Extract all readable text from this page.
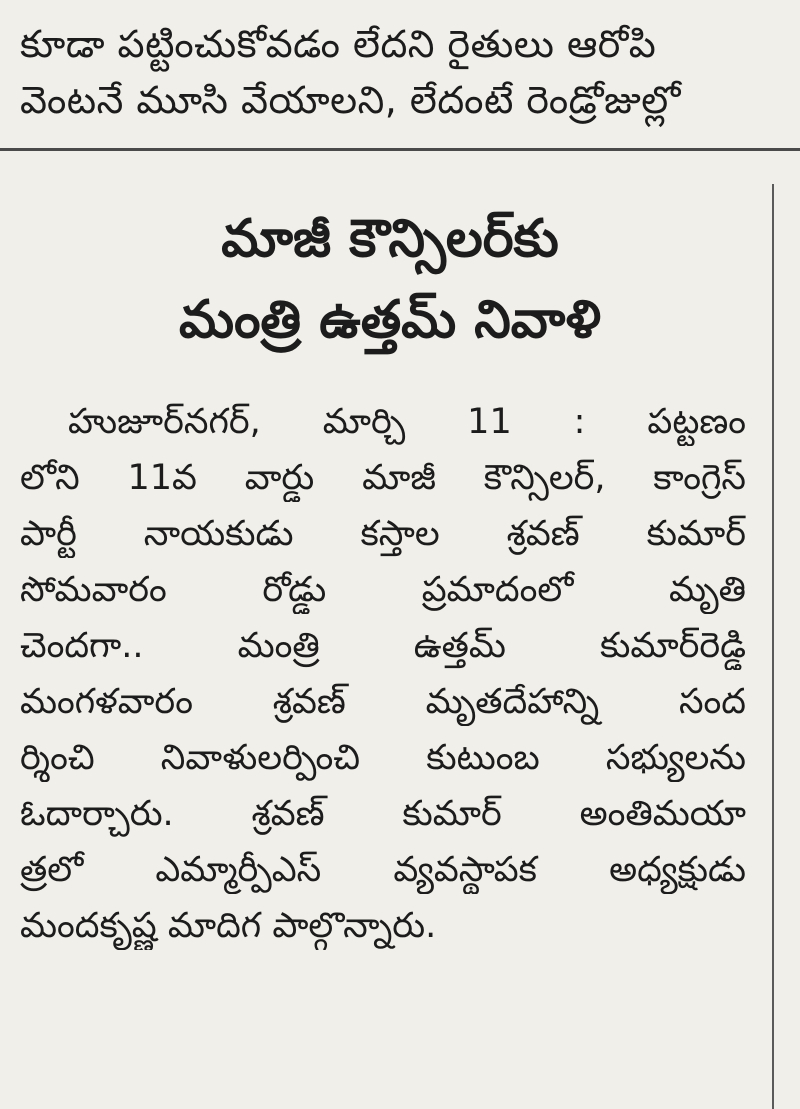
కూడా పట్టించుకోవడం లేదని రైతులు ఆరోపి
వెంటనే మూసి వేయాలని, లేదంటే రెండ్రోజుల్లో
మాజీ కౌన్సిలర్‌కు
మంత్రి ఉత్తమ్ నివాళి
హుజూర్‌నగర్, మార్చి 11 : పట్టణం
లోని 11వ వార్డు మాజీ కౌన్సిలర్, కాంగ్రెస్
పార్టీ నాయకుడు కస్తాల శ్రవణ్ కుమార్
సోమవారం రోడ్డు ప్రమాదంలో మృతి
చెందగా.. మంత్రి ఉత్తమ్ కుమార్‌రెడ్డి
మంగళవారం శ్రవణ్ మృతదేహాన్ని సంద
ర్శించి నివాళులర్పించి కుటుంబ సభ్యులను
ఓదార్చారు. శ్రవణ్ కుమార్ అంతిమయా
త్రలో ఎమ్మార్పీఎస్ వ్యవస్థాపక అధ్యక్షుడు
మందకృష్ణ మాదిగ పాల్గొన్నారు.
